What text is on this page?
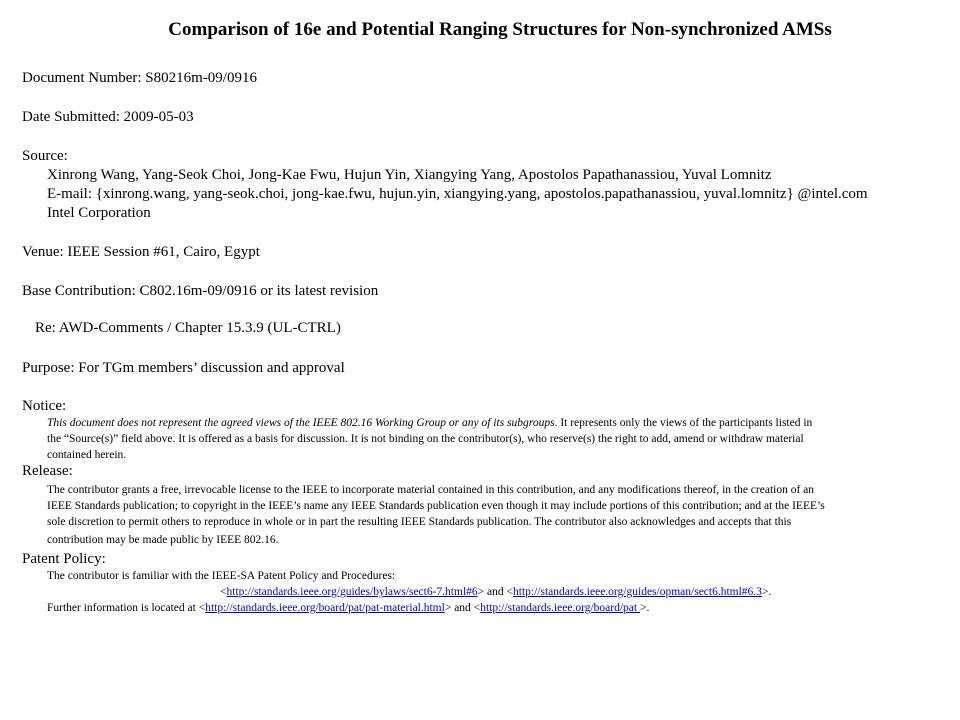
Comparison of 16e and Potential Ranging Structures for Non-synchronized AMSs
Document Number: S80216m-09/0916
Date Submitted: 2009-05-03
Source:
Xinrong Wang, Yang-Seok Choi, Jong-Kae Fwu, Hujun Yin, Xiangying Yang, Apostolos Papathanassiou, Yuval Lomnitz
E-mail: {xinrong.wang, yang-seok.choi, jong-kae.fwu, hujun.yin, xiangying.yang, apostolos.papathanassiou, yuval.lomnitz} @intel.com
Intel Corporation
Venue: IEEE Session #61, Cairo, Egypt
Base Contribution: C802.16m-09/0916 or its latest revision
Re: AWD-Comments / Chapter 15.3.9 (UL-CTRL)
Purpose: For TGm members’ discussion and approval
Notice:
This document does not represent the agreed views of the IEEE 802.16 Working Group or any of its subgroups. It represents only the views of the participants listed in
the “Source(s)” field above. It is offered as a basis for discussion. It is not binding on the contributor(s), who reserve(s) the right to add, amend or withdraw material
contained herein.
Release:
The contributor grants a free, irrevocable license to the IEEE to incorporate material contained in this contribution, and any modifications thereof, in the creation of an
IEEE Standards publication; to copyright in the IEEE’s name any IEEE Standards publication even though it may include portions of this contribution; and at the IEEE’s
sole discretion to permit others to reproduce in whole or in part the resulting IEEE Standards publication. The contributor also acknowledges and accepts that this
contribution may be made public by IEEE 802.16.
Patent Policy:
The contributor is familiar with the IEEE-SA Patent Policy and Procedures:
<http://standards.ieee.org/guides/bylaws/sect6-7.html#6> and <http://standards.ieee.org/guides/opman/sect6.html#6.3>.
Further information is located at <http://standards.ieee.org/board/pat/pat-material.html> and <http://standards.ieee.org/board/pat >.
